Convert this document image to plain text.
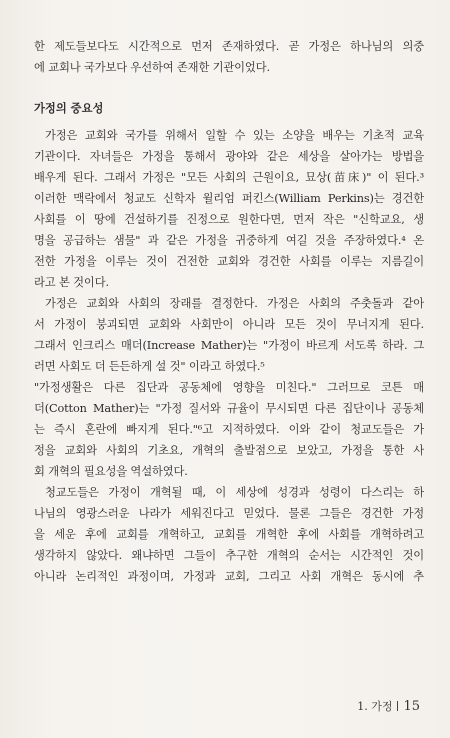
한 제도들보다도 시간적으로 먼저 존재하였다. 곧 가정은 하나님의 의중
에 교회나 국가보다 우선하여 존재한 기관이었다.
가정의 중요성
가정은 교회와 국가를 위해서 일할 수 있는 소양을 배우는 기초적 교육
기관이다. 자녀들은 가정을 통해서 광야와 같은 세상을 살아가는 방법을
배우게 된다. 그래서 가정은 "모든 사회의 근원이요, 묘상(苗床)" 이 된다.³
이러한 맥락에서 청교도 신학자 윌리엄 퍼킨스(William Perkins)는 경건한
사회를 이 땅에 건설하기를 진정으로 원한다면, 먼저 작은 "신학교요, 생
명을 공급하는 샘물" 과 같은 가정을 귀중하게 여길 것을 주장하였다.⁴ 온
전한 가정을 이루는 것이 건전한 교회와 경건한 사회를 이루는 지름길이
라고 본 것이다.
가정은 교회와 사회의 장래를 결정한다. 가정은 사회의 주춧돌과 같아
서 가정이 붕괴되면 교회와 사회만이 아니라 모든 것이 무너지게 된다.
그래서 인크리스 매더(Increase Mather)는 "가정이 바르게 서도록 하라. 그
러면 사회도 더 든든하게 설 것" 이라고 하였다.⁵
"가정생활은 다른 집단과 공동체에 영향을 미친다." 그러므로 코튼 매
더(Cotton Mather)는 "가정 질서와 규율이 무시되면 다른 집단이나 공동체
는 즉시 혼란에 빠지게 된다."⁶고 지적하였다. 이와 같이 청교도들은 가
정을 교회와 사회의 기초요, 개혁의 출발점으로 보았고, 가정을 통한 사
회 개혁의 필요성을 역설하였다.
청교도들은 가정이 개혁될 때, 이 세상에 성경과 성령이 다스리는 하
나님의 영광스러운 나라가 세워진다고 믿었다. 물론 그들은 경건한 가정
을 세운 후에 교회를 개혁하고, 교회를 개혁한 후에 사회를 개혁하려고
생각하지 않았다. 왜냐하면 그들이 추구한 개혁의 순서는 시간적인 것이
아니라 논리적인 과정이며, 가정과 교회, 그리고 사회 개혁은 동시에 추
1. 가정 15
